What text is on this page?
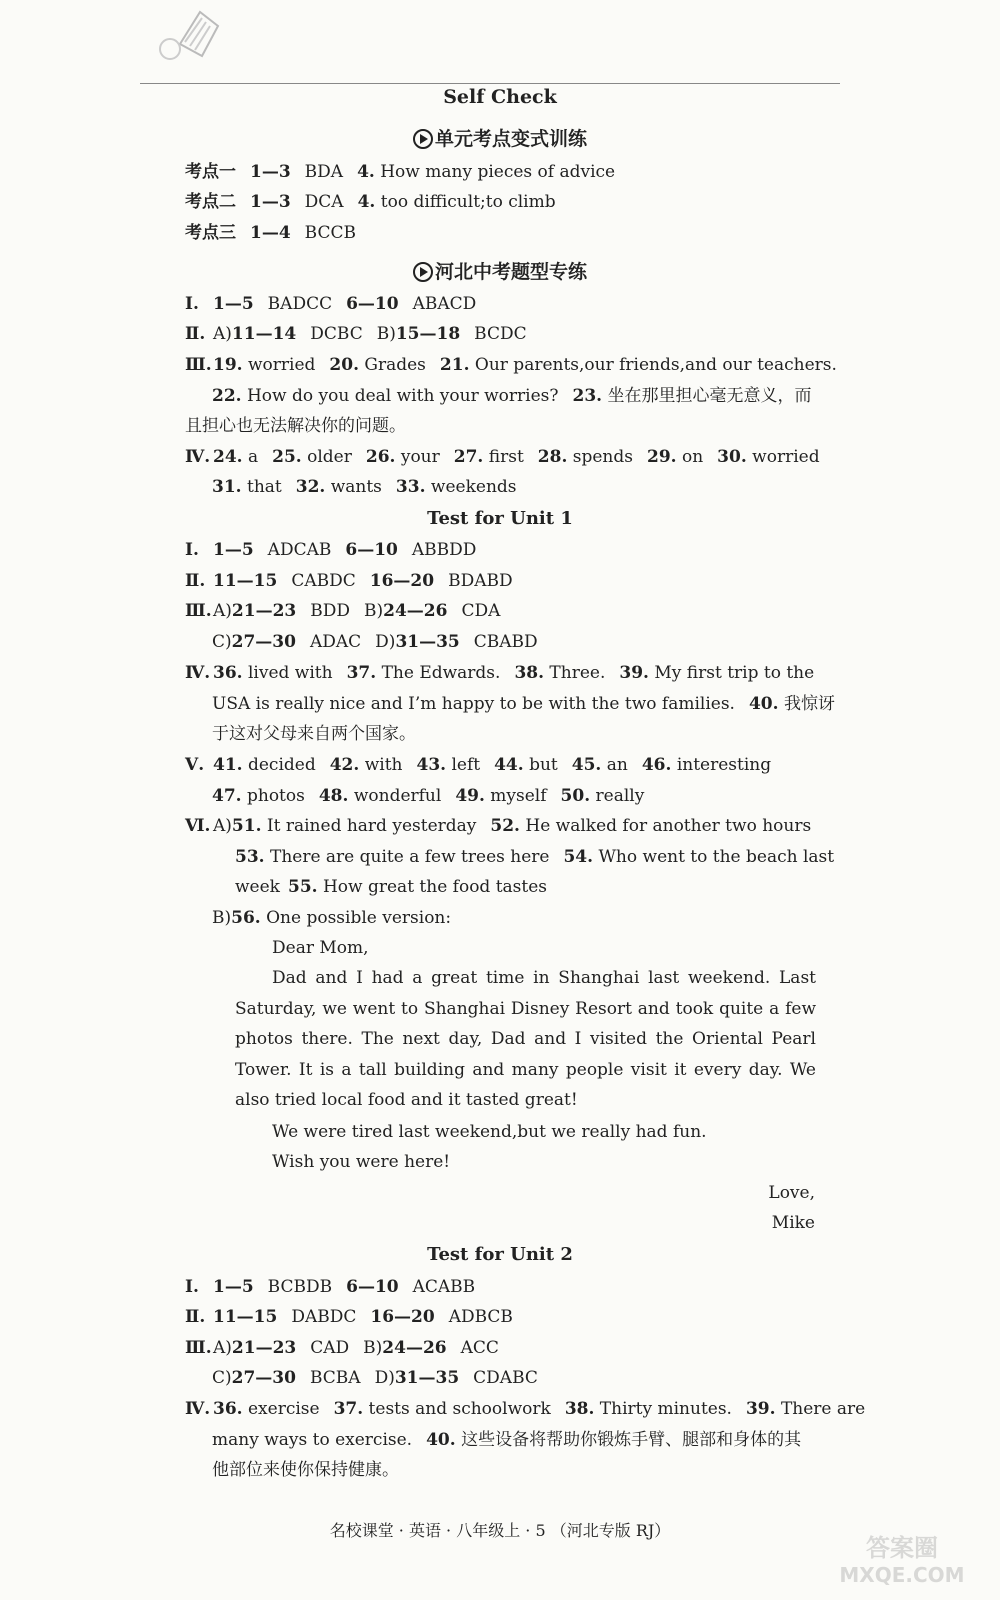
Self Check
单元考点变式训练
考点一 1—3 BDA 4. How many pieces of advice
考点二 1—3 DCA 4. too difficult;to climb
考点三 1—4 BCCB
河北中考题型专练
Ⅰ. 1—5 BADCC 6—10 ABACD
Ⅱ. A)11—14 DCBC B)15—18 BCDC
Ⅲ.19. worried 20. Grades 21. Our parents,our friends,and our teachers.
22. How do you deal with your worries? 23. 坐在那里担心毫无意义，而
且担心也无法解决你的问题。
Ⅳ. 24. a 25. older 26. your 27. first 28. spends 29. on 30. worried
31. that 32. wants 33. weekends
Test for Unit 1
Ⅰ. 1—5 ADCAB 6—10 ABBDD
Ⅱ. 11—15 CABDC 16—20 BDABD
Ⅲ.A)21—23 BDD B)24—26 CDA
C)27—30 ADAC D)31—35 CBABD
Ⅳ. 36. lived with 37. The Edwards. 38. Three. 39. My first trip to the
USA is really nice and I’m happy to be with the two families. 40. 我惊讶
于这对父母来自两个国家。
Ⅴ. 41. decided 42. with 43. left 44. but 45. an 46. interesting
47. photos 48. wonderful 49. myself 50. really
Ⅵ. A)51. It rained hard yesterday 52. He walked for another two hours
53. There are quite a few trees here 54. Who went to the beach last
week 55. How great the food tastes
B)56. One possible version:
Dear Mom,
Dad and I had a great time in Shanghai last weekend. Last Saturday, we went to Shanghai Disney Resort and took quite a few photos there. The next day, Dad and I visited the Oriental Pearl Tower. It is a tall building and many people visit it every day. We also tried local food and it tasted great!
We were tired last weekend,but we really had fun.
Wish you were here!
Love,
Mike
Test for Unit 2
Ⅰ. 1—5 BCBDB 6—10 ACABB
Ⅱ. 11—15 DABDC 16—20 ADBCB
Ⅲ.A)21—23 CAD B)24—26 ACC
C)27—30 BCBA D)31—35 CDABC
Ⅳ. 36. exercise 37. tests and schoolwork 38. Thirty minutes. 39. There are
many ways to exercise. 40. 这些设备将帮助你锻炼手臂、腿部和身体的其
他部位来使你保持健康。
名校课堂 · 英语 · 八年级上 · 5 （河北专版 RJ）
答案圈
MXQE.COM
